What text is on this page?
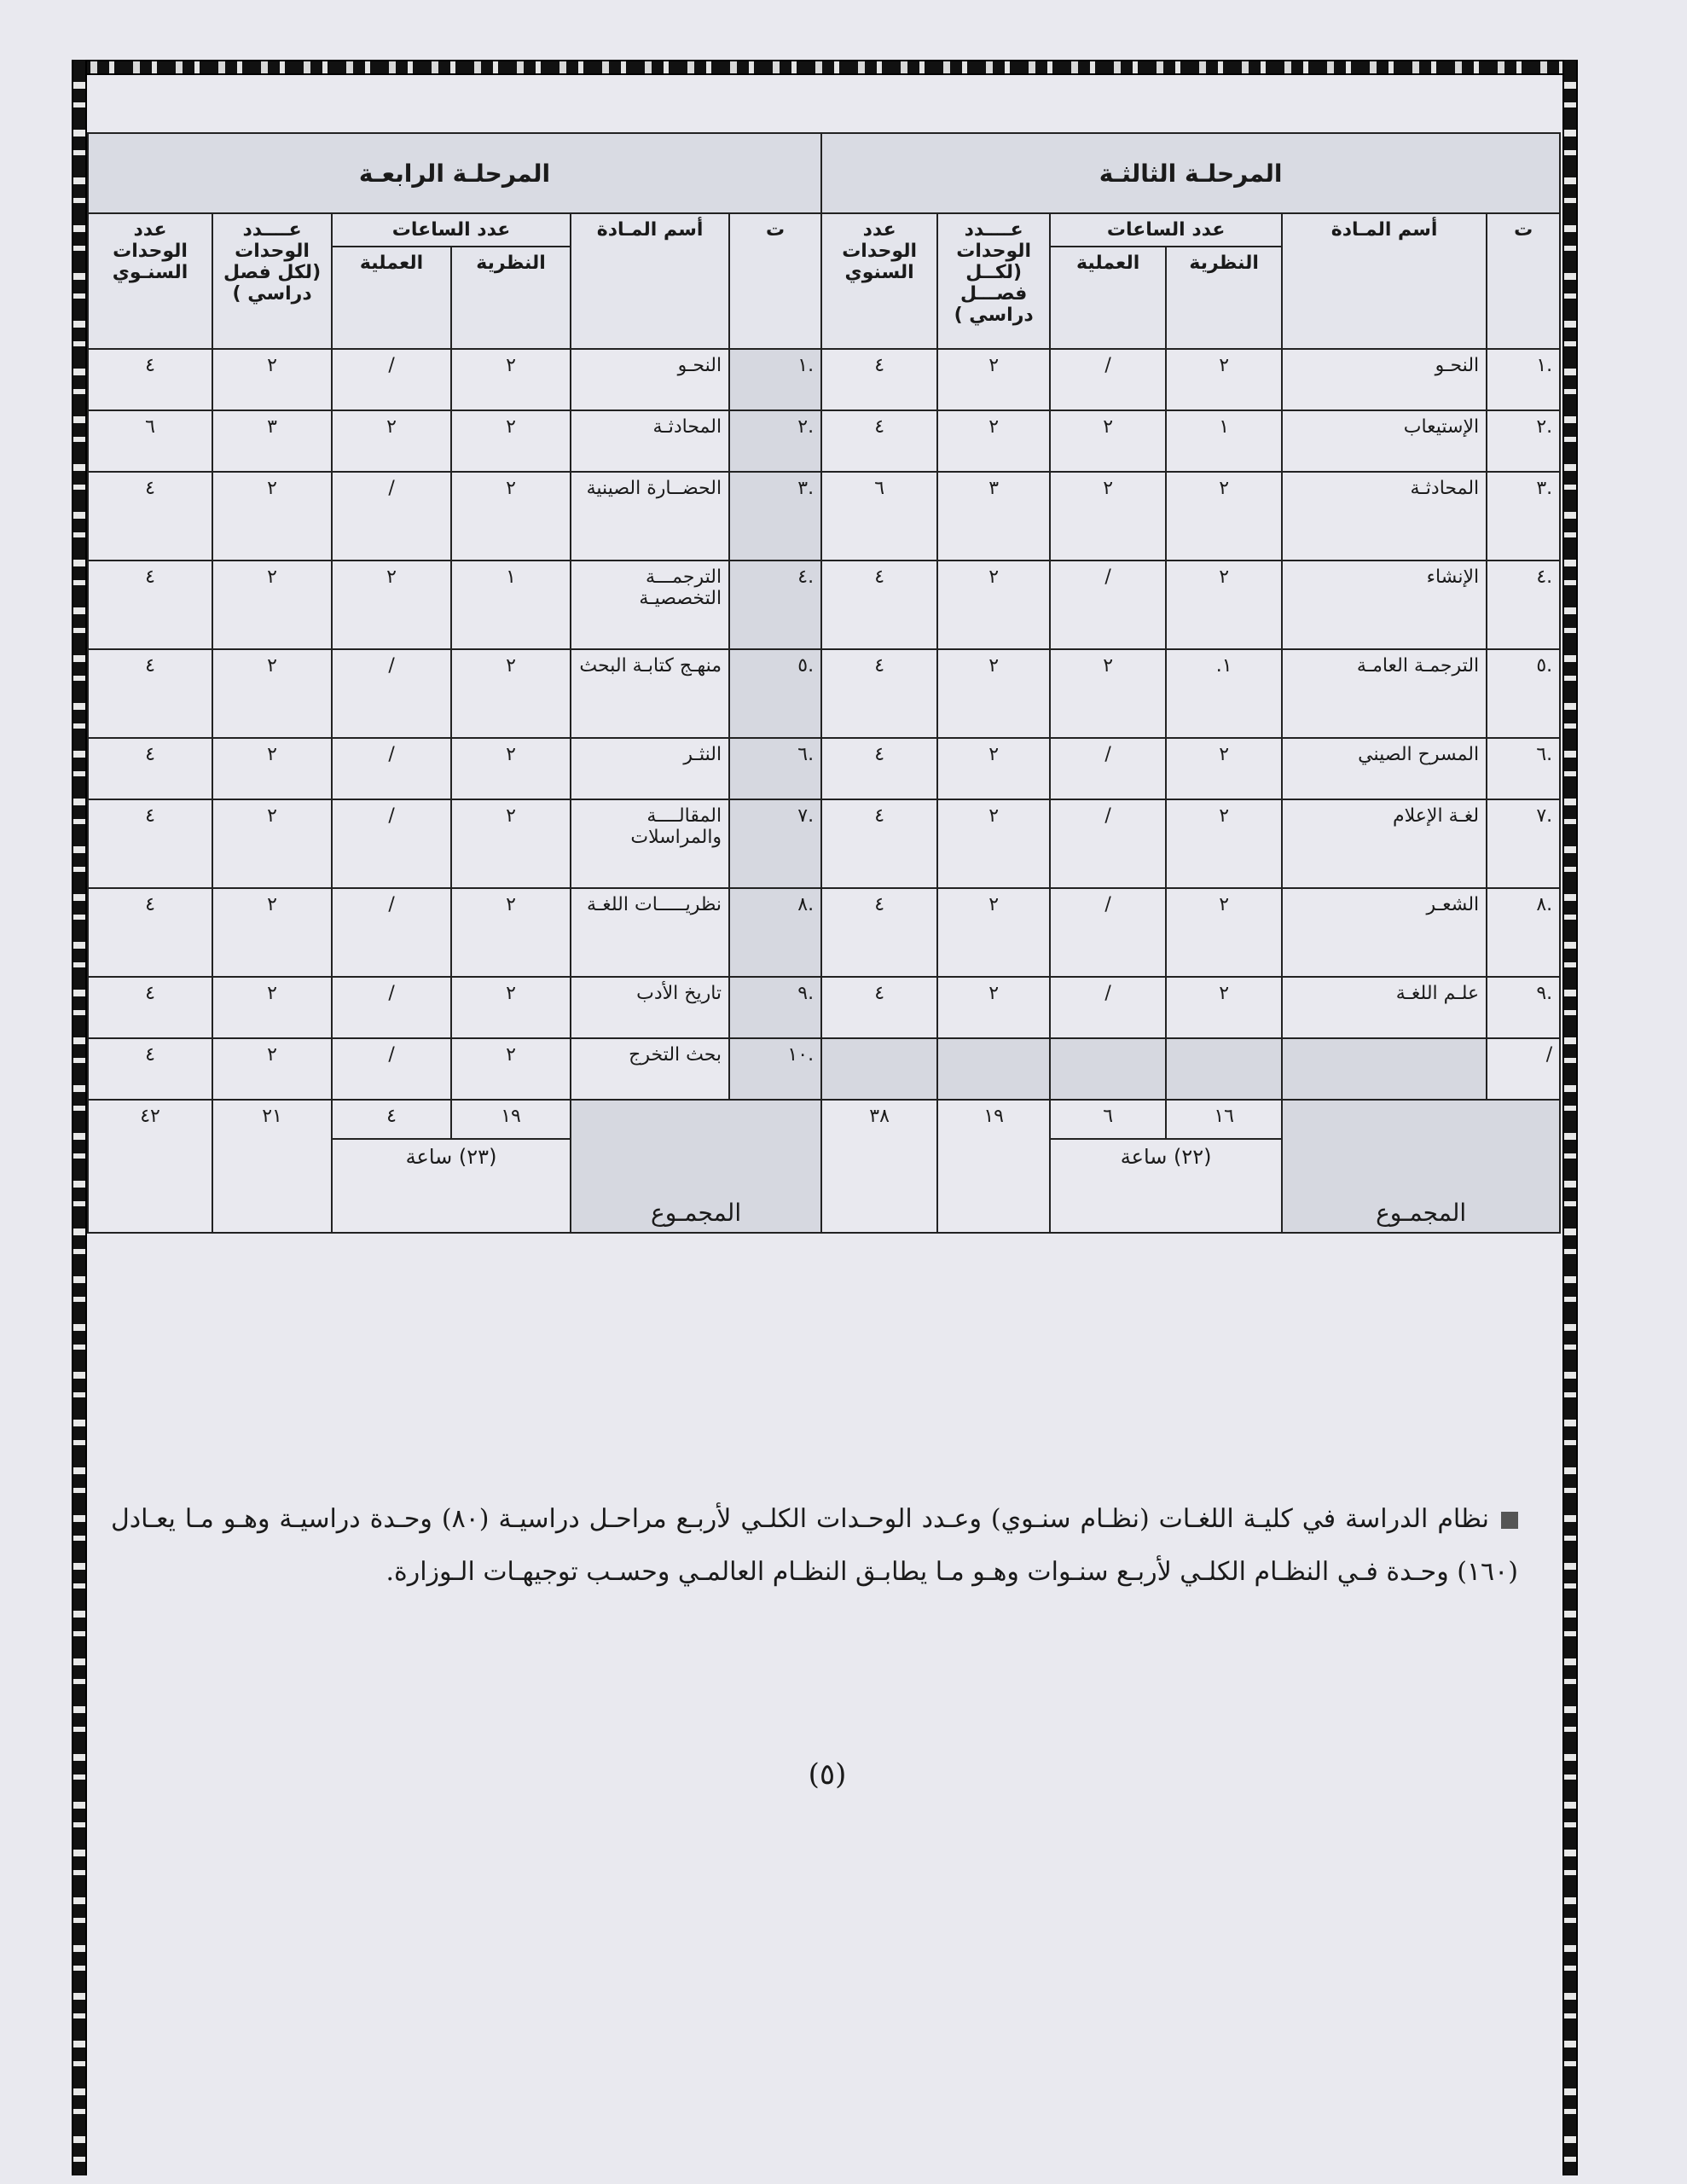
المرحلـة الثالثـة						المرحلـة الرابعـة					
ت	أسم المـادة	عدد الساعات		عــــدد الوحدات (لكــل فصـــل دراسي )	عدد الوحدات السنوي	ت	أسم المـادة	عدد الساعات		عــــدد الوحدات (لكل فصل دراسي )	عدد الوحدات السنـوي
		النظرية	العملية					النظرية	العملية		
.١	النحـو	٢	/	٢	٤	.١	النحـو	٢	/	٢	٤
.٢	الإستيعاب	١	٢	٢	٤	.٢	المحادثـة	٢	٢	٣	٦
.٣	المحادثـة	٢	٢	٣	٦	.٣	الحضــارة الصينية	٢	/	٢	٤
.٤	الإنشاء	٢	/	٢	٤	.٤	الترجمـــة التخصصيـة	١	٢	٢	٤
.٥	الترجمـة العامـة	١.	٢	٢	٤	.٥	منهـج كتابـة البحث	٢	/	٢	٤
.٦	المسرح الصيني	٢	/	٢	٤	.٦	النثـر	٢	/	٢	٤
.٧	لغـة الإعلام	٢	/	٢	٤	.٧	المقالــــة والمراسلات	٢	/	٢	٤
.٨	الشعـر	٢	/	٢	٤	.٨	نظريـــــات اللغـة	٢	/	٢	٤
.٩	علـم اللغـة	٢	/	٢	٤	.٩	تاريخ الأدب	٢	/	٢	٤
/						.١٠	بحث التخرج	٢	/	٢	٤
المجمـوع		١٦	٦	١٩	٣٨	المجمـوع		١٩	٤	٢١	٤٢
		(٢٢) ساعة						(٢٣) ساعة			
نظام الدراسة في كليـة اللغـات (نظـام سنـوي) وعـدد الوحـدات الكلـي لأربـع مراحـل دراسيـة (٨٠) وحـدة دراسيـة وهـو مـا يعـادل (١٦٠) وحـدة فـي النظـام الكلـي لأربـع سنـوات وهـو مـا يطابـق النظـام العالمـي وحسـب توجيهـات الـوزارة.
(٥)
